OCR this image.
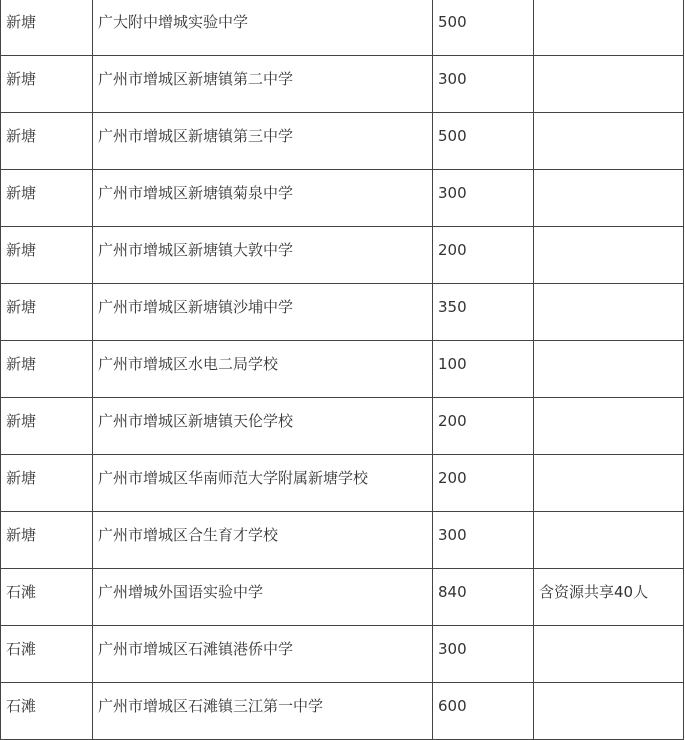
新塘	广大附中增城实验中学	500	

新塘	广州市增城区新塘镇第二中学	300	

新塘	广州市增城区新塘镇第三中学	500	

新塘	广州市增城区新塘镇菊泉中学	300	

新塘	广州市增城区新塘镇大敦中学	200	

新塘	广州市增城区新塘镇沙埔中学	350	

新塘	广州市增城区水电二局学校	100	

新塘	广州市增城区新塘镇天伦学校	200	

新塘	广州市增城区华南师范大学附属新塘学校	200	

新塘	广州市增城区合生育才学校	300	

石滩	广州增城外国语实验中学	840	含资源共享40人

石滩	广州市增城区石滩镇港侨中学	300	

石滩	广州市增城区石滩镇三江第一中学	600	
